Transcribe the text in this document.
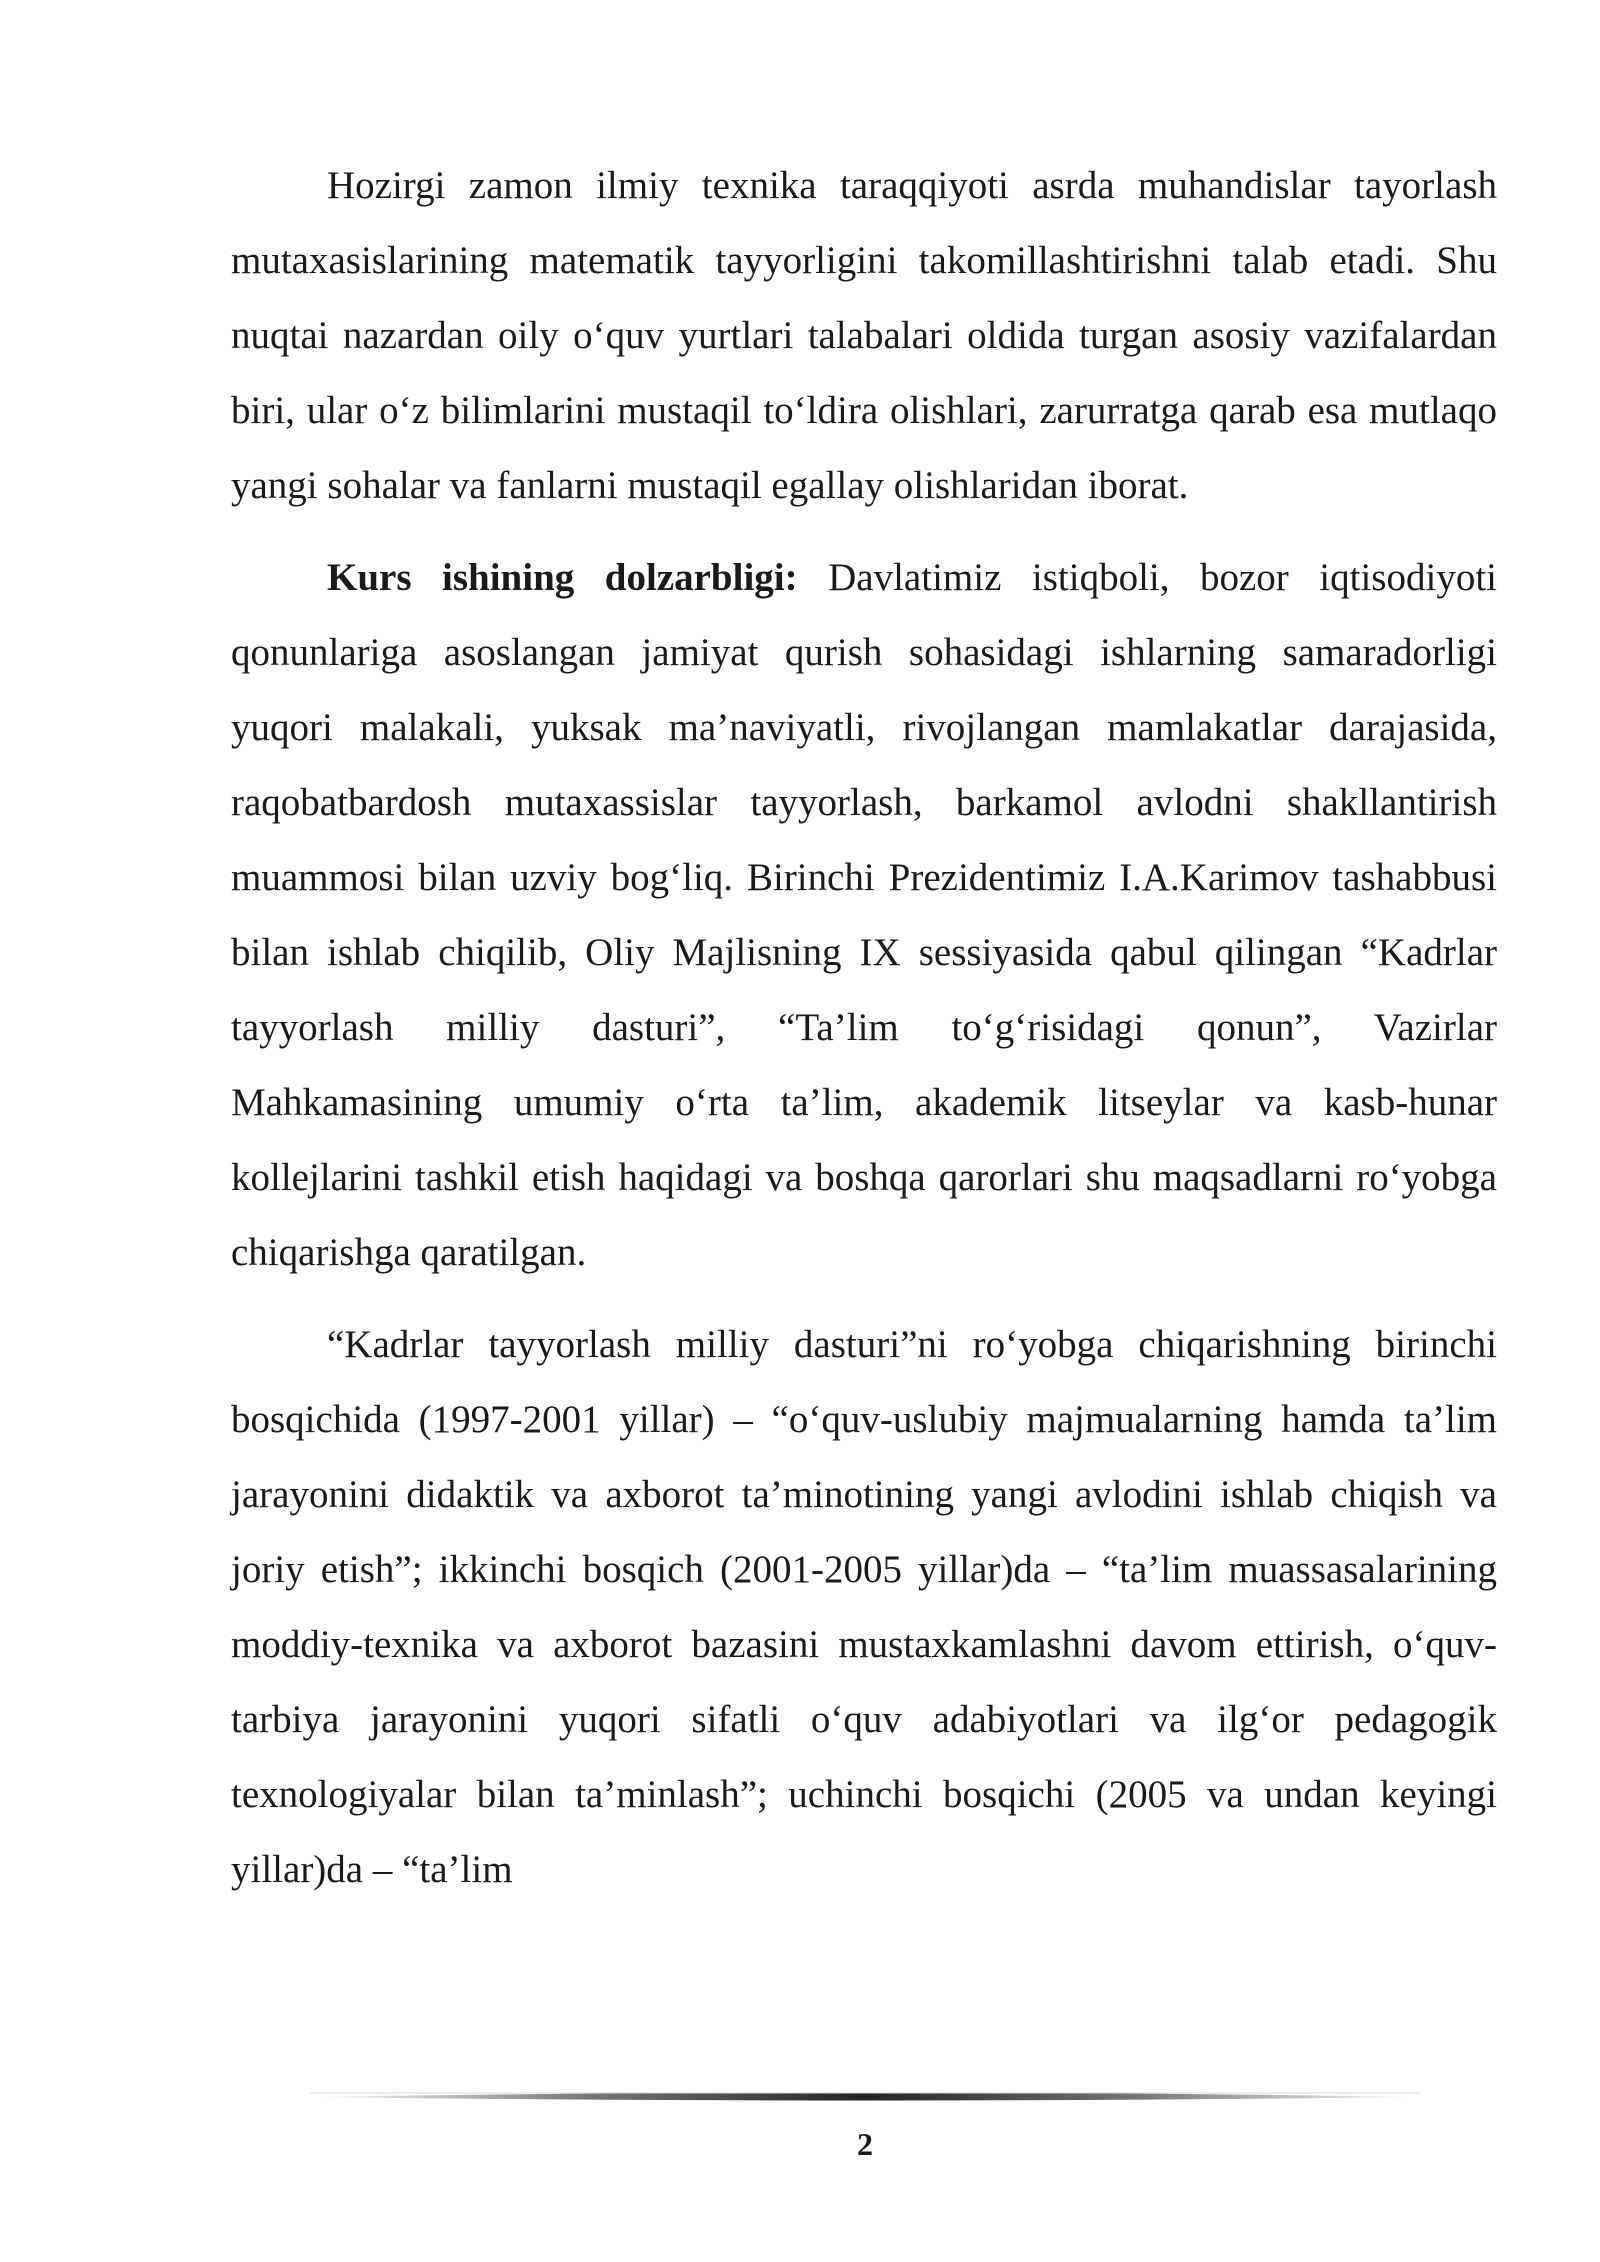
Hozirgi zamon ilmiy texnika taraqqiyoti asrda muhandislar tayorlash mutaxasislarining matematik tayyorligini takomillashtirishni talab etadi. Shu nuqtai nazardan oily o‘quv yurtlari talabalari oldida turgan asosiy vazifalardan biri, ular o‘z bilimlarini mustaqil to‘ldira olishlari, zarurratga qarab esa mutlaqo yangi sohalar va fanlarni mustaqil egallay olishlaridan iborat.

Kurs ishining dolzarbligi: Davlatimiz istiqboli, bozor iqtisodiyoti qonunlariga asoslangan jamiyat qurish sohasidagi ishlarning samaradorligi yuqori malakali, yuksak ma’naviyatli, rivojlangan mamlakatlar darajasida, raqobatbardosh mutaxassislar tayyorlash, barkamol avlodni shakllantirish muammosi bilan uzviy bog‘liq. Birinchi Prezidentimiz I.A.Karimov tashabbusi bilan ishlab chiqilib, Oliy Majlisning IX sessiyasida qabul qilingan “Kadrlar tayyorlash milliy dasturi”, “Ta’lim to‘g‘risidagi qonun”, Vazirlar Mahkamasining umumiy o‘rta ta’lim, akademik litseylar va kasb-hunar kollejlarini tashkil etish haqidagi va boshqa qarorlari shu maqsadlarni ro‘yobga chiqarishga qaratilgan.

“Kadrlar tayyorlash milliy dasturi”ni ro‘yobga chiqarishning birinchi bosqichida (1997-2001 yillar) – “o‘quv-uslubiy majmualarning hamda ta’lim jarayonini didaktik va axborot ta’minotining yangi avlodini ishlab chiqish va joriy etish”; ikkinchi bosqich (2001-2005 yillar)da – “ta’lim muassasalarining moddiy-texnika va axborot bazasini mustaxkamlashni davom ettirish, o‘quv-tarbiya jarayonini yuqori sifatli o‘quv adabiyotlari va ilg‘or pedagogik texnologiyalar bilan ta’minlash”; uchinchi bosqichi (2005 va undan keyingi yillar)da – “ta’lim

2
